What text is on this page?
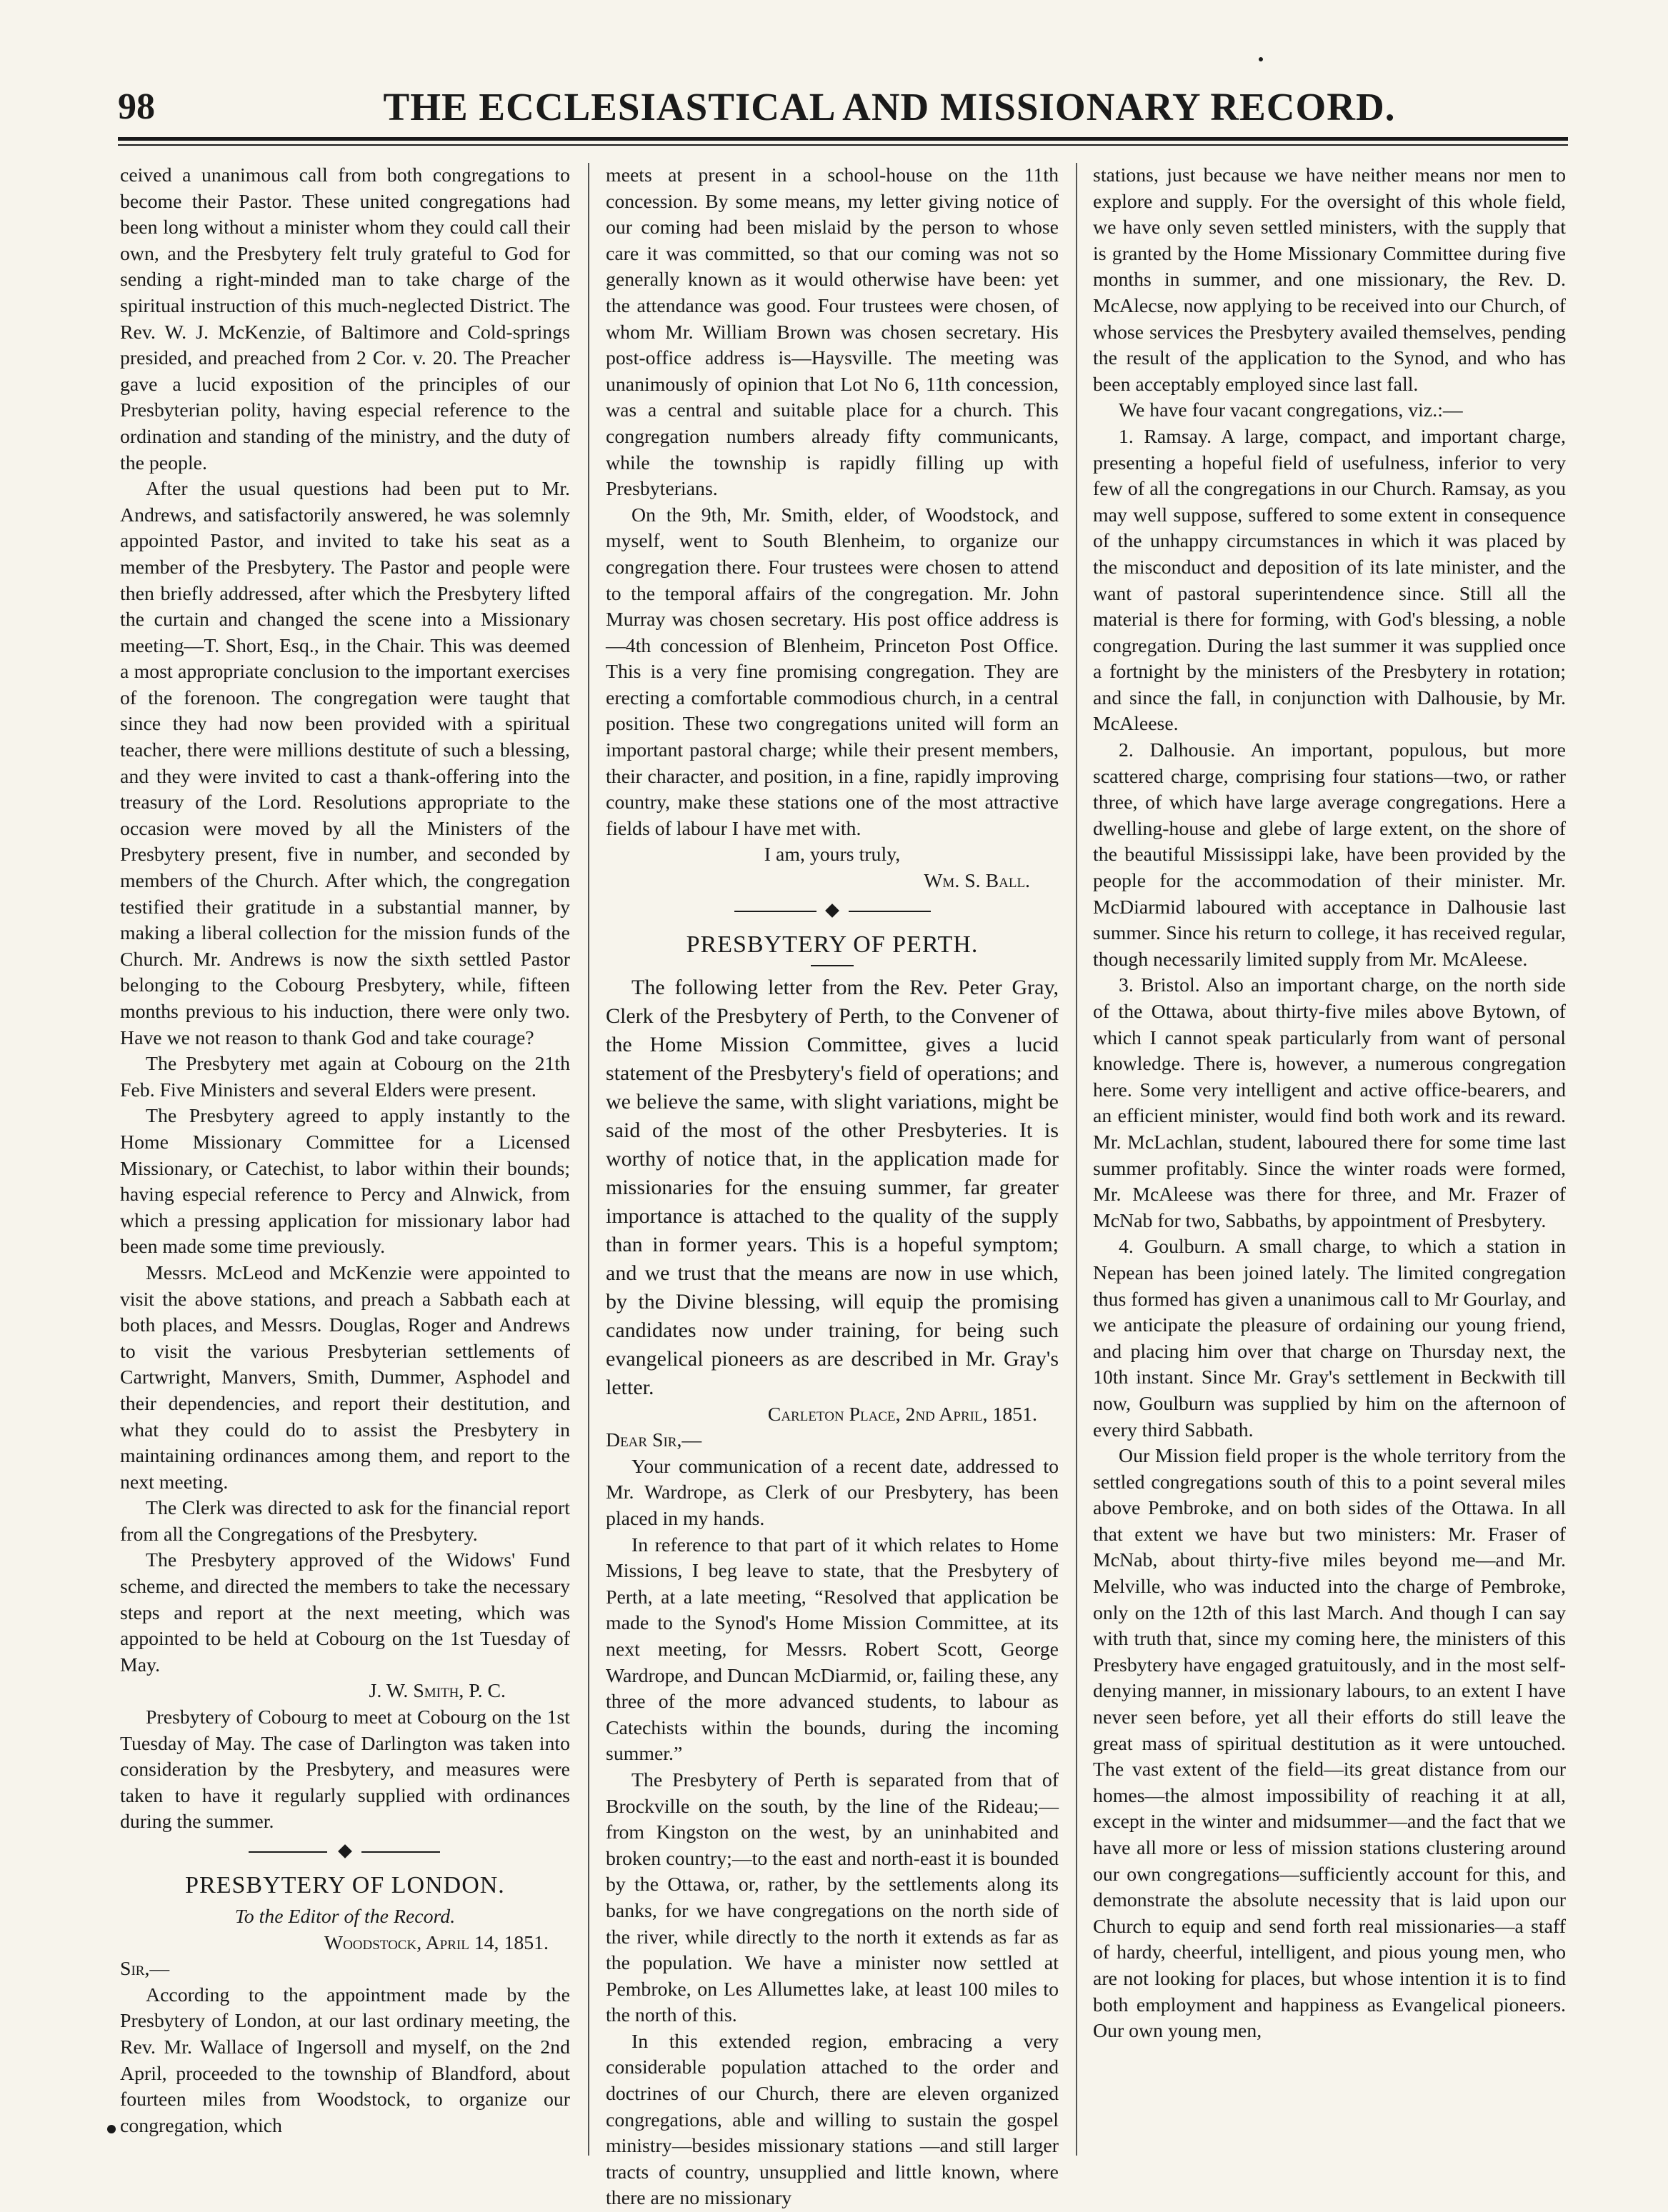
98	THE ECCLESIASTICAL AND MISSIONARY RECORD.

ceived a unanimous call from both congregations to become their Pastor. These united congregations had been long without a minister whom they could call their own, and the Presbytery felt truly grateful to God for sending a right-minded man to take charge of the spiritual instruction of this much-neglected District. The Rev. W. J. McKenzie, of Baltimore and Cold-springs presided, and preached from 2 Cor. v. 20. The Preacher gave a lucid exposition of the principles of our Presbyterian polity, having especial reference to the ordination and standing of the ministry, and the duty of the people.

After the usual questions had been put to Mr. Andrews, and satisfactorily answered, he was solemnly appointed Pastor, and invited to take his seat as a member of the Presbytery. The Pastor and people were then briefly addressed, after which the Presbytery lifted the curtain and changed the scene into a Missionary meeting—T. Short, Esq., in the Chair. This was deemed a most appropriate conclusion to the important exercises of the forenoon. The congregation were taught that since they had now been provided with a spiritual teacher, there were millions destitute of such a blessing, and they were invited to cast a thank-offering into the treasury of the Lord. Resolutions appropriate to the occasion were moved by all the Ministers of the Presbytery present, five in number, and seconded by members of the Church. After which, the congregation testified their gratitude in a substantial manner, by making a liberal collection for the mission funds of the Church. Mr. Andrews is now the sixth settled Pastor belonging to the Cobourg Presbytery, while, fifteen months previous to his induction, there were only two. Have we not reason to thank God and take courage?

The Presbytery met again at Cobourg on the 21th Feb. Five Ministers and several Elders were present.

The Presbytery agreed to apply instantly to the Home Missionary Committee for a Licensed Missionary, or Catechist, to labor within their bounds; having especial reference to Percy and Alnwick, from which a pressing application for missionary labor had been made some time previously.

Messrs. McLeod and McKenzie were appointed to visit the above stations, and preach a Sabbath each at both places, and Messrs. Douglas, Roger and Andrews to visit the various Presbyterian settlements of Cartwright, Manvers, Smith, Dummer, Asphodel and their dependencies, and report their destitution, and what they could do to assist the Presbytery in maintaining ordinances among them, and report to the next meeting.

The Clerk was directed to ask for the financial report from all the Congregations of the Presbytery.

The Presbytery approved of the Widows' Fund scheme, and directed the members to take the necessary steps and report at the next meeting, which was appointed to be held at Cobourg on the 1st Tuesday of May.

J. W. Smith, P. C.

Presbytery of Cobourg to meet at Cobourg on the 1st Tuesday of May. The case of Darlington was taken into consideration by the Presbytery, and measures were taken to have it regularly supplied with ordinances during the summer.

PRESBYTERY OF LONDON.

To the Editor of the Record.

Woodstock, April 14, 1851.

Sir,—

According to the appointment made by the Presbytery of London, at our last ordinary meeting, the Rev. Mr. Wallace of Ingersoll and myself, on the 2nd April, proceeded to the township of Blandford, about fourteen miles from Woodstock, to organize our congregation, which

meets at present in a school-house on the 11th concession. By some means, my letter giving notice of our coming had been mislaid by the person to whose care it was committed, so that our coming was not so generally known as it would otherwise have been: yet the attendance was good. Four trustees were chosen, of whom Mr. William Brown was chosen secretary. His post-office address is—Haysville. The meeting was unanimously of opinion that Lot No 6, 11th concession, was a central and suitable place for a church. This congregation numbers already fifty communicants, while the township is rapidly filling up with Presbyterians.

On the 9th, Mr. Smith, elder, of Woodstock, and myself, went to South Blenheim, to organize our congregation there. Four trustees were chosen to attend to the temporal affairs of the congregation. Mr. John Murray was chosen secretary. His post office address is—4th concession of Blenheim, Princeton Post Office. This is a very fine promising congregation. They are erecting a comfortable commodious church, in a central position. These two congregations united will form an important pastoral charge; while their present members, their character, and position, in a fine, rapidly improving country, make these stations one of the most attractive fields of labour I have met with.

I am, yours truly,

Wm. S. Ball.

PRESBYTERY OF PERTH.

The following letter from the Rev. Peter Gray, Clerk of the Presbytery of Perth, to the Convener of the Home Mission Committee, gives a lucid statement of the Presbytery's field of operations; and we believe the same, with slight variations, might be said of the most of the other Presbyteries. It is worthy of notice that, in the application made for missionaries for the ensuing summer, far greater importance is attached to the quality of the supply than in former years. This is a hopeful symptom; and we trust that the means are now in use which, by the Divine blessing, will equip the promising candidates now under training, for being such evangelical pioneers as are described in Mr. Gray's letter.

Carleton Place, 2nd April, 1851.

Dear Sir,—

Your communication of a recent date, addressed to Mr. Wardrope, as Clerk of our Presbytery, has been placed in my hands.

In reference to that part of it which relates to Home Missions, I beg leave to state, that the Presbytery of Perth, at a late meeting, “Resolved that application be made to the Synod's Home Mission Committee, at its next meeting, for Messrs. Robert Scott, George Wardrope, and Duncan McDiarmid, or, failing these, any three of the more advanced students, to labour as Catechists within the bounds, during the incoming summer.”

The Presbytery of Perth is separated from that of Brockville on the south, by the line of the Rideau;—from Kingston on the west, by an uninhabited and broken country;—to the east and north-east it is bounded by the Ottawa, or, rather, by the settlements along its banks, for we have congregations on the north side of the river, while directly to the north it extends as far as the population. We have a minister now settled at Pembroke, on Les Allumettes lake, at least 100 miles to the north of this.

In this extended region, embracing a very considerable population attached to the order and doctrines of our Church, there are eleven organized congregations, able and willing to sustain the gospel ministry—besides missionary stations —and still larger tracts of country, unsupplied and little known, where there are no missionary

stations, just because we have neither means nor men to explore and supply. For the oversight of this whole field, we have only seven settled ministers, with the supply that is granted by the Home Missionary Committee during five months in summer, and one missionary, the Rev. D. McAlecse, now applying to be received into our Church, of whose services the Presbytery availed themselves, pending the result of the application to the Synod, and who has been acceptably employed since last fall.

We have four vacant congregations, viz.:—

1. Ramsay. A large, compact, and important charge, presenting a hopeful field of usefulness, inferior to very few of all the congregations in our Church. Ramsay, as you may well suppose, suffered to some extent in consequence of the unhappy circumstances in which it was placed by the misconduct and deposition of its late minister, and the want of pastoral superintendence since. Still all the material is there for forming, with God's blessing, a noble congregation. During the last summer it was supplied once a fortnight by the ministers of the Presbytery in rotation; and since the fall, in conjunction with Dalhousie, by Mr. McAleese.

2. Dalhousie. An important, populous, but more scattered charge, comprising four stations—two, or rather three, of which have large average congregations. Here a dwelling-house and glebe of large extent, on the shore of the beautiful Mississippi lake, have been provided by the people for the accommodation of their minister. Mr. McDiarmid laboured with acceptance in Dalhousie last summer. Since his return to college, it has received regular, though necessarily limited supply from Mr. McAleese.

3. Bristol. Also an important charge, on the north side of the Ottawa, about thirty-five miles above Bytown, of which I cannot speak particularly from want of personal knowledge. There is, however, a numerous congregation here. Some very intelligent and active office-bearers, and an efficient minister, would find both work and its reward. Mr. McLachlan, student, laboured there for some time last summer profitably. Since the winter roads were formed, Mr. McAleese was there for three, and Mr. Frazer of McNab for two, Sabbaths, by appointment of Presbytery.

4. Goulburn. A small charge, to which a station in Nepean has been joined lately. The limited congregation thus formed has given a unanimous call to Mr Gourlay, and we anticipate the pleasure of ordaining our young friend, and placing him over that charge on Thursday next, the 10th instant. Since Mr. Gray's settlement in Beckwith till now, Goulburn was supplied by him on the afternoon of every third Sabbath.

Our Mission field proper is the whole territory from the settled congregations south of this to a point several miles above Pembroke, and on both sides of the Ottawa. In all that extent we have but two ministers: Mr. Fraser of McNab, about thirty-five miles beyond me—and Mr. Melville, who was inducted into the charge of Pembroke, only on the 12th of this last March. And though I can say with truth that, since my coming here, the ministers of this Presbytery have engaged gratuitously, and in the most self-denying manner, in missionary labours, to an extent I have never seen before, yet all their efforts do still leave the great mass of spiritual destitution as it were untouched. The vast extent of the field—its great distance from our homes—the almost impossibility of reaching it at all, except in the winter and midsummer—and the fact that we have all more or less of mission stations clustering around our own congregations—sufficiently account for this, and demonstrate the absolute necessity that is laid upon our Church to equip and send forth real missionaries—a staff of hardy, cheerful, intelligent, and pious young men, who are not looking for places, but whose intention it is to find both employment and happiness as Evangelical pioneers. Our own young men,
